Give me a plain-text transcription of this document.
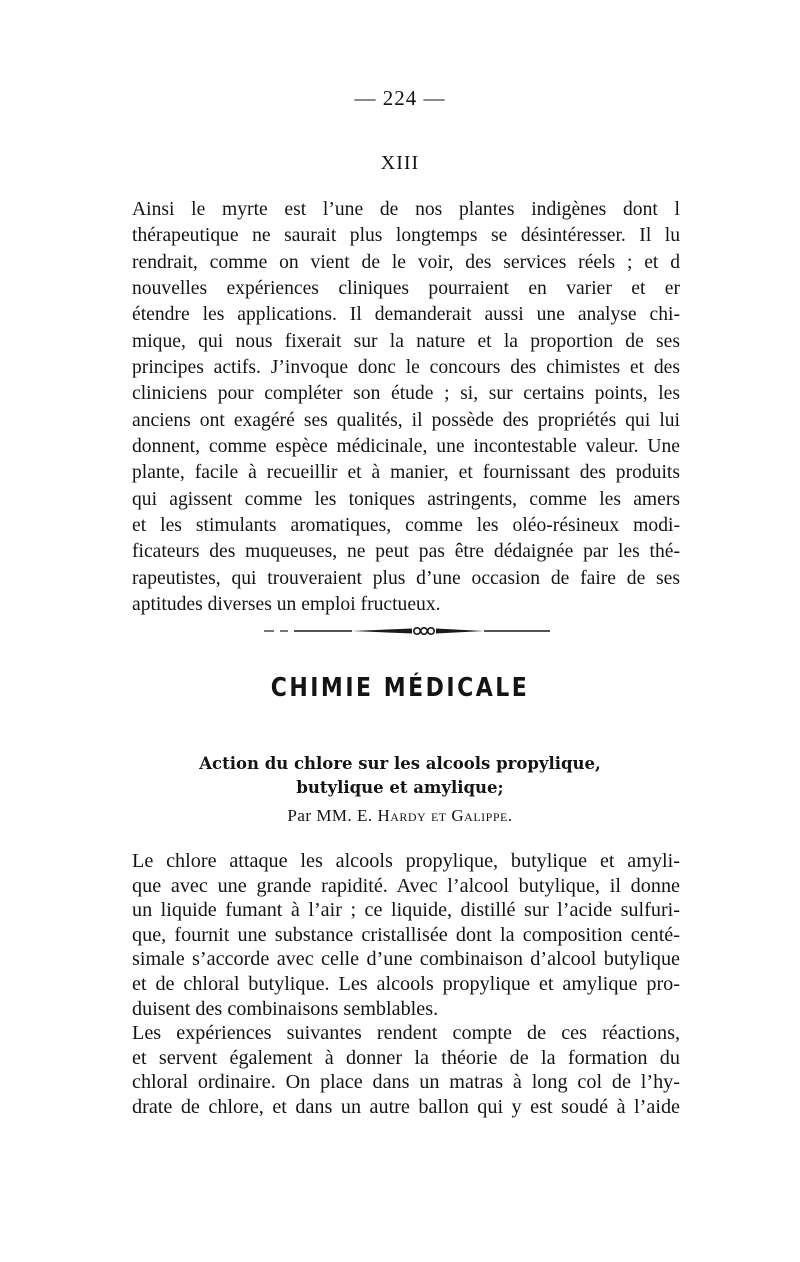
— 224 —
XIII
Ainsi le myrte est l’une de nos plantes indigènes dont l
thérapeutique ne saurait plus longtemps se désintéresser. Il lu
rendrait, comme on vient de le voir, des services réels ; et d
nouvelles expériences cliniques pourraient en varier et er
étendre les applications. Il demanderait aussi une analyse chi-
mique, qui nous fixerait sur la nature et la proportion de ses
principes actifs. J’invoque donc le concours des chimistes et des
cliniciens pour compléter son étude ; si, sur certains points, les
anciens ont exagéré ses qualités, il possède des propriétés qui lui
donnent, comme espèce médicinale, une incontestable valeur. Une
plante, facile à recueillir et à manier, et fournissant des produits
qui agissent comme les toniques astringents, comme les amers
et les stimulants aromatiques, comme les oléo-résineux modi-
ficateurs des muqueuses, ne peut pas être dédaignée par les thé-
rapeutistes, qui trouveraient plus d’une occasion de faire de ses
aptitudes diverses un emploi fructueux.
CHIMIE MÉDICALE
Action du chlore sur les alcools propylique,
butylique et amylique;
Par MM. E. Hardy et Galippe.
Le chlore attaque les alcools propylique, butylique et amyli-
que avec une grande rapidité. Avec l’alcool butylique, il donne
un liquide fumant à l’air ; ce liquide, distillé sur l’acide sulfuri-
que, fournit une substance cristallisée dont la composition centé-
simale s’accorde avec celle d’une combinaison d’alcool butylique
et de chloral butylique. Les alcools propylique et amylique pro-
duisent des combinaisons semblables.
Les expériences suivantes rendent compte de ces réactions,
et servent également à donner la théorie de la formation du
chloral ordinaire. On place dans un matras à long col de l’hy-
drate de chlore, et dans un autre ballon qui y est soudé à l’aide
